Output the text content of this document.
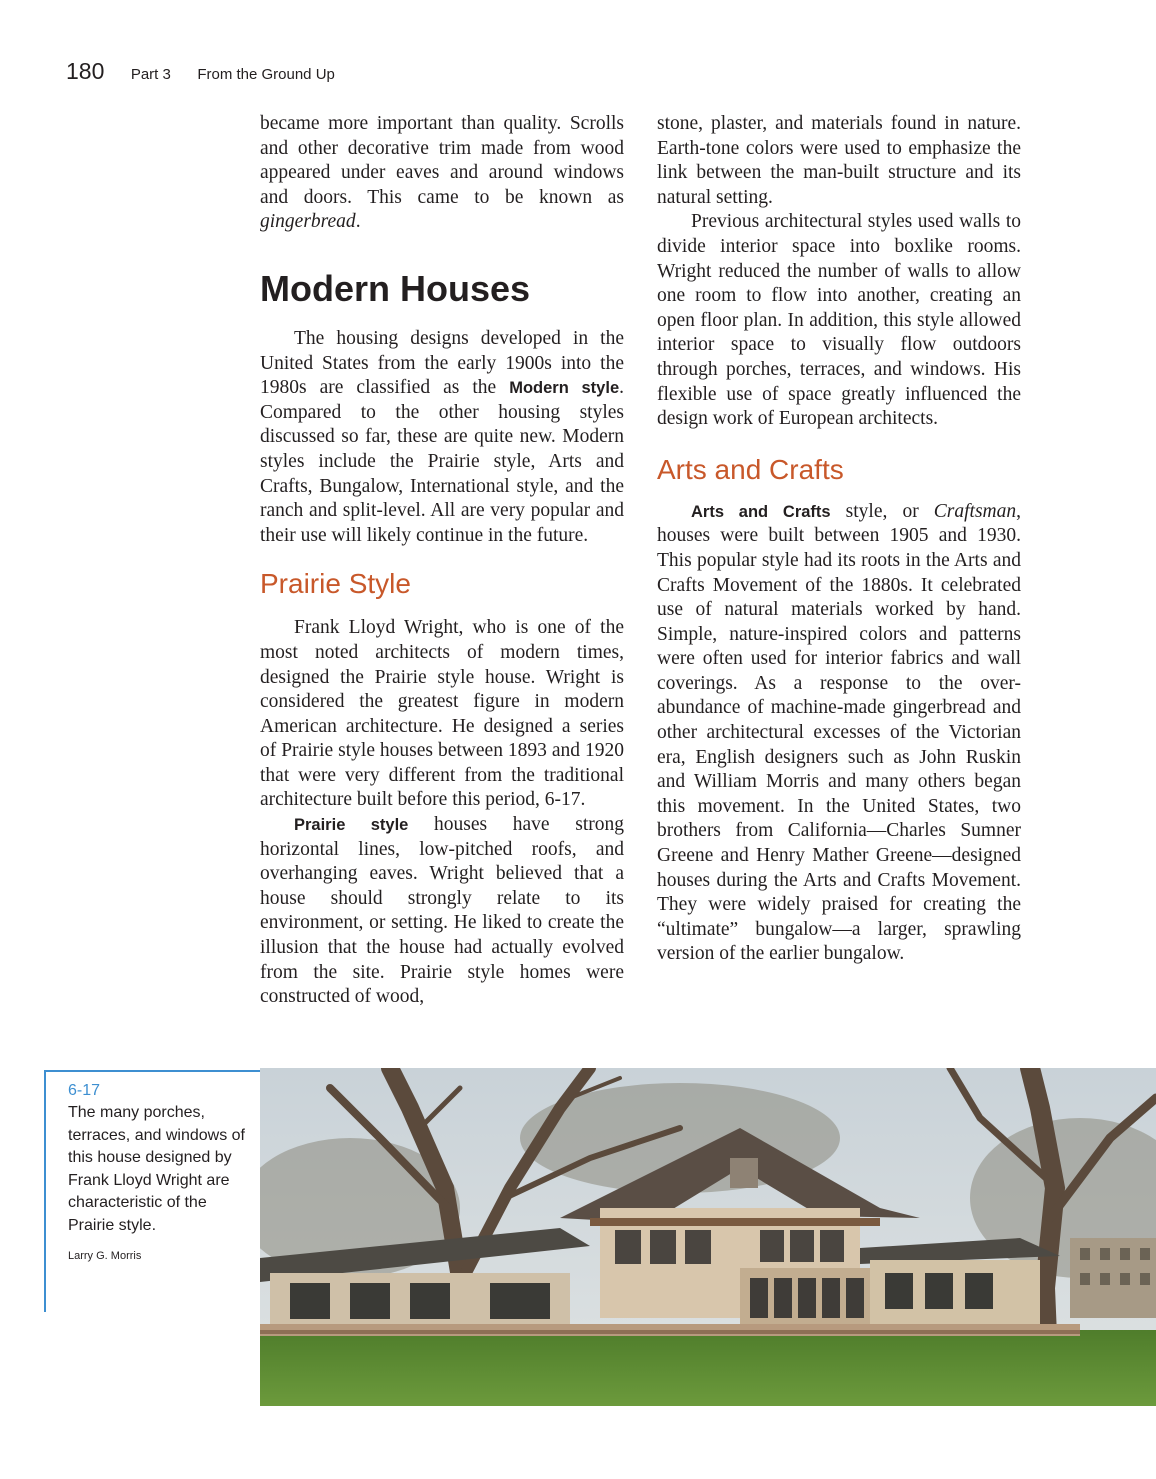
180 Part 3 From the Ground Up

became more important than quality. Scrolls and other decorative trim made from wood appeared under eaves and around windows and doors. This came to be known as gingerbread.

Modern Houses

The housing designs developed in the United States from the early 1900s into the 1980s are classified as the Modern style. Compared to the other housing styles discussed so far, these are quite new. Modern styles include the Prairie style, Arts and Crafts, Bungalow, International style, and the ranch and split-level. All are very popular and their use will likely continue in the future.

Prairie Style

Frank Lloyd Wright, who is one of the most noted architects of modern times, designed the Prairie style house. Wright is considered the greatest figure in modern American architecture. He designed a series of Prairie style houses between 1893 and 1920 that were very different from the traditional architecture built before this period, 6-17.

Prairie style houses have strong horizontal lines, low-pitched roofs, and overhanging eaves. Wright believed that a house should strongly relate to its environment, or setting. He liked to create the illusion that the house had actually evolved from the site. Prairie style homes were constructed of wood,

stone, plaster, and materials found in nature. Earth-tone colors were used to emphasize the link between the man-built structure and its natural setting.

Previous architectural styles used walls to divide interior space into boxlike rooms. Wright reduced the number of walls to allow one room to flow into another, creating an open floor plan. In addition, this style allowed interior space to visually flow outdoors through porches, terraces, and windows. His flexible use of space greatly influenced the design work of European architects.

Arts and Crafts

Arts and Crafts style, or Craftsman, houses were built between 1905 and 1930. This popular style had its roots in the Arts and Crafts Movement of the 1880s. It celebrated use of natural materials worked by hand. Simple, nature-inspired colors and patterns were often used for interior fabrics and wall coverings. As a response to the over-abundance of machine-made gingerbread and other architectural excesses of the Victorian era, English designers such as John Ruskin and William Morris and many others began this movement. In the United States, two brothers from California—Charles Sumner Greene and Henry Mather Greene—designed houses during the Arts and Crafts Movement. They were widely praised for creating the “ultimate” bungalow—a larger, sprawling version of the earlier bungalow.

6-17
The many porches, terraces, and windows of this house designed by Frank Lloyd Wright are characteristic of the Prairie style.
Larry G. Morris
